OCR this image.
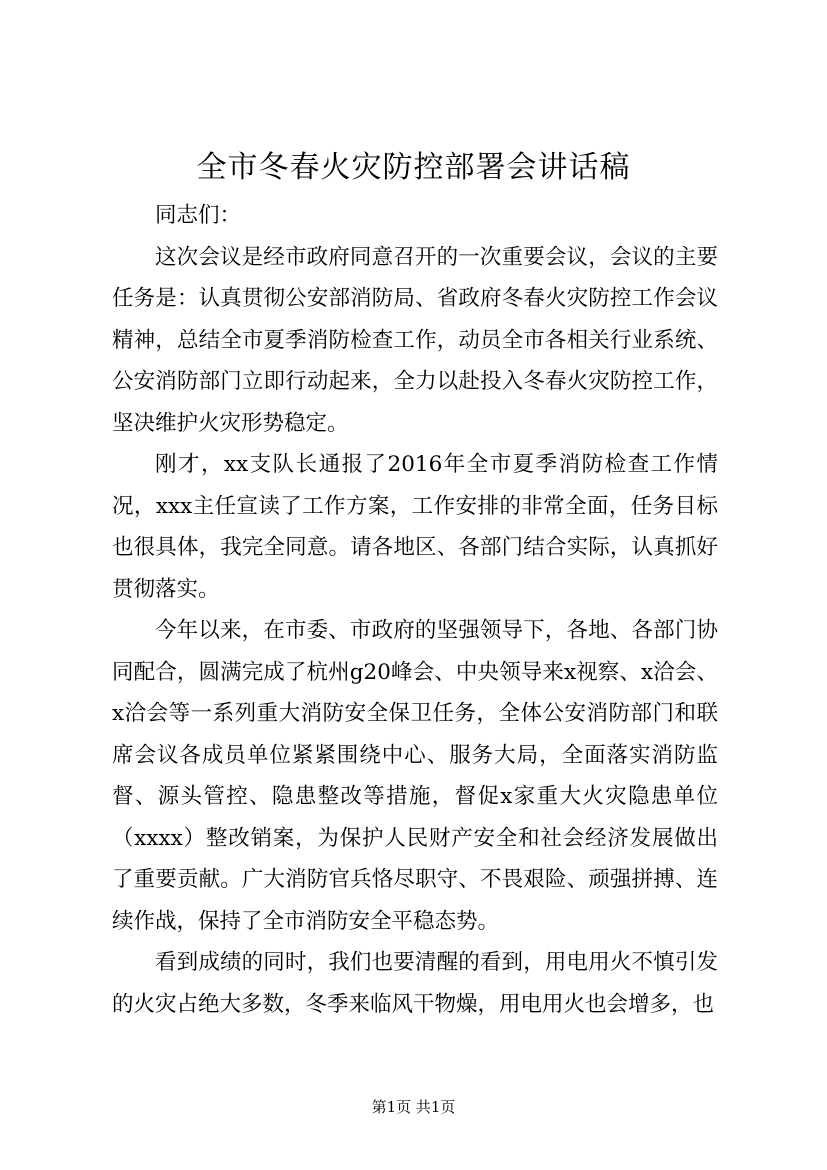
全市冬春火灾防控部署会讲话稿

同志们：

这次会议是经市政府同意召开的一次重要会议，会议的主要任务是：认真贯彻公安部消防局、省政府冬春火灾防控工作会议精神，总结全市夏季消防检查工作，动员全市各相关行业系统、公安消防部门立即行动起来，全力以赴投入冬春火灾防控工作，坚决维护火灾形势稳定。

刚才，xx支队长通报了2016年全市夏季消防检查工作情况，xxx主任宣读了工作方案，工作安排的非常全面，任务目标也很具体，我完全同意。请各地区、各部门结合实际，认真抓好贯彻落实。

今年以来，在市委、市政府的坚强领导下，各地、各部门协同配合，圆满完成了杭州g20峰会、中央领导来x视察、x洽会、x洽会等一系列重大消防安全保卫任务，全体公安消防部门和联席会议各成员单位紧紧围绕中心、服务大局，全面落实消防监督、源头管控、隐患整改等措施，督促x家重大火灾隐患单位（xxxx）整改销案，为保护人民财产安全和社会经济发展做出了重要贡献。广大消防官兵恪尽职守、不畏艰险、顽强拼搏、连续作战，保持了全市消防安全平稳态势。

看到成绩的同时，我们也要清醒的看到，用电用火不慎引发的火灾占绝大多数，冬季来临风干物燥，用电用火也会增多，也

第1页 共1页
